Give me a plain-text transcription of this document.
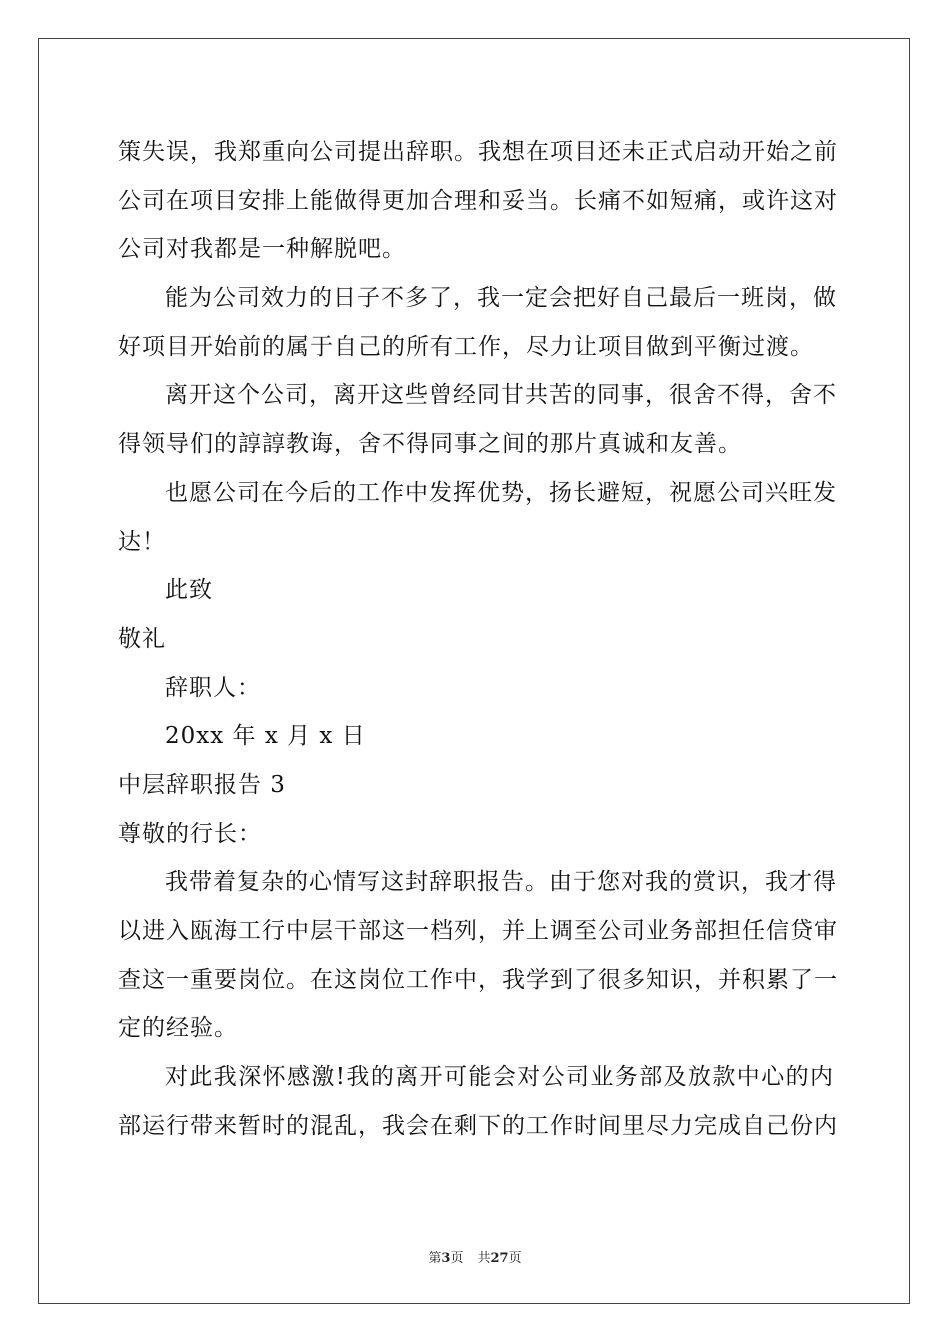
策失误，我郑重向公司提出辞职。我想在项目还未正式启动开始之前
公司在项目安排上能做得更加合理和妥当。长痛不如短痛，或许这对
公司对我都是一种解脱吧。
能为公司效力的日子不多了，我一定会把好自己最后一班岗，做
好项目开始前的属于自己的所有工作，尽力让项目做到平衡过渡。
离开这个公司，离开这些曾经同甘共苦的同事，很舍不得，舍不
得领导们的諄諄教诲，舍不得同事之间的那片真诚和友善。
也愿公司在今后的工作中发挥优势，扬长避短，祝愿公司兴旺发
达！
此致
敬礼
辞职人：
20xx 年 x 月 x 日
中层辞职报告 3
尊敬的行长：
我带着复杂的心情写这封辞职报告。由于您对我的赏识，我才得
以进入瓯海工行中层干部这一档列，并上调至公司业务部担任信贷审
查这一重要岗位。在这岗位工作中，我学到了很多知识，并积累了一
定的经验。
对此我深怀感激!我的离开可能会对公司业务部及放款中心的内
部运行带来暂时的混乱，我会在剩下的工作时间里尽力完成自己份内
第3页 共27页
